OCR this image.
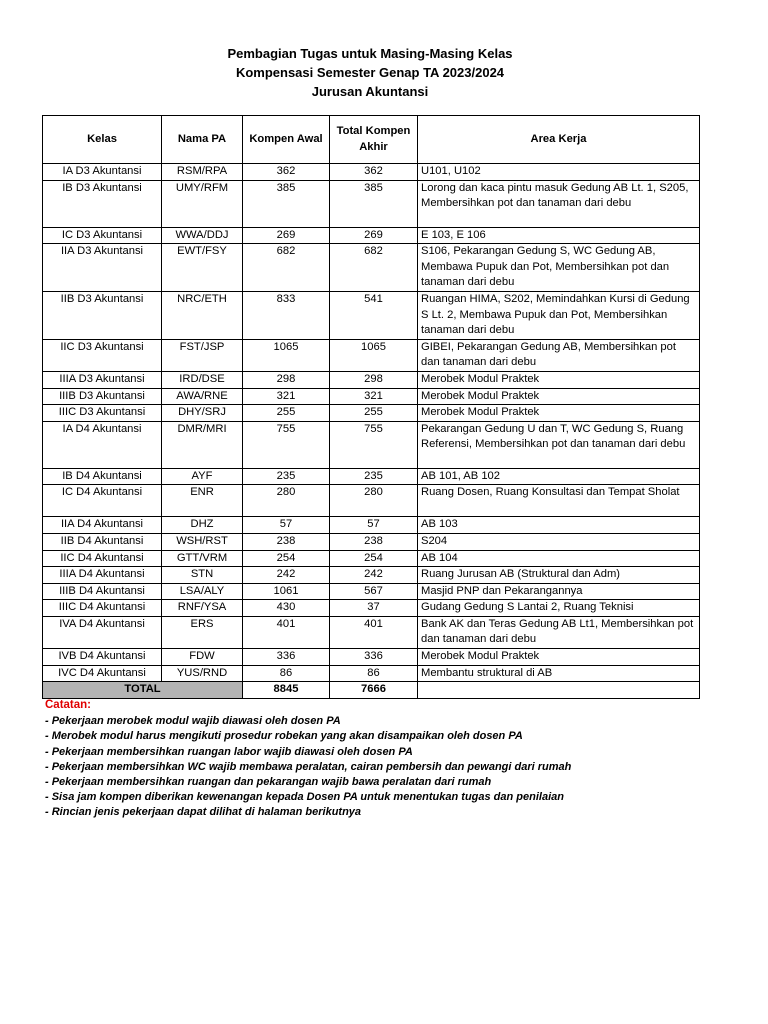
Pembagian Tugas untuk Masing-Masing Kelas
Kompensasi Semester Genap TA 2023/2024
Jurusan Akuntansi
Kelas	Nama PA	Kompen Awal	Total Kompen Akhir	Area Kerja
IA D3 Akuntansi	RSM/RPA	362	362	U101, U102
IB D3 Akuntansi	UMY/RFM	385	385	Lorong dan kaca pintu masuk Gedung AB Lt. 1, S205, Membersihkan pot dan tanaman dari debu
IC D3 Akuntansi	WWA/DDJ	269	269	E 103, E 106
IIA D3 Akuntansi	EWT/FSY	682	682	S106, Pekarangan Gedung S, WC Gedung AB, Membawa Pupuk dan Pot, Membersihkan pot dan tanaman dari debu
IIB D3 Akuntansi	NRC/ETH	833	541	Ruangan HIMA, S202, Memindahkan Kursi di Gedung S Lt. 2, Membawa Pupuk dan Pot, Membersihkan tanaman dari debu
IIC D3 Akuntansi	FST/JSP	1065	1065	GIBEI, Pekarangan Gedung AB, Membersihkan pot dan tanaman dari debu
IIIA D3 Akuntansi	IRD/DSE	298	298	Merobek Modul Praktek
IIIB D3 Akuntansi	AWA/RNE	321	321	Merobek Modul Praktek
IIIC D3 Akuntansi	DHY/SRJ	255	255	Merobek Modul Praktek
IA D4 Akuntansi	DMR/MRI	755	755	Pekarangan Gedung U dan T, WC Gedung S, Ruang Referensi, Membersihkan pot dan tanaman dari debu
IB D4 Akuntansi	AYF	235	235	AB 101, AB 102
IC D4 Akuntansi	ENR	280	280	Ruang Dosen, Ruang Konsultasi dan Tempat Sholat
IIA D4 Akuntansi	DHZ	57	57	AB 103
IIB D4 Akuntansi	WSH/RST	238	238	S204
IIC D4 Akuntansi	GTT/VRM	254	254	AB 104
IIIA D4 Akuntansi	STN	242	242	Ruang Jurusan AB (Struktural dan Adm)
IIIB D4 Akuntansi	LSA/ALY	1061	567	Masjid PNP dan Pekarangannya
IIIC D4 Akuntansi	RNF/YSA	430	37	Gudang Gedung S Lantai 2, Ruang Teknisi
IVA D4 Akuntansi	ERS	401	401	Bank AK dan Teras Gedung AB Lt1, Membersihkan pot dan tanaman dari debu
IVB D4 Akuntansi	FDW	336	336	Merobek Modul Praktek
IVC D4 Akuntansi	YUS/RND	86	86	Membantu struktural di AB
TOTAL		8845	7666	
Catatan:
- Pekerjaan merobek modul wajib diawasi oleh dosen PA
- Merobek modul harus mengikuti prosedur robekan yang akan disampaikan oleh dosen PA
- Pekerjaan membersihkan ruangan labor wajib diawasi oleh dosen PA
- Pekerjaan membersihkan WC wajib membawa peralatan, cairan pembersih dan pewangi dari rumah
- Pekerjaan membersihkan ruangan dan pekarangan wajib bawa peralatan dari rumah
- Sisa jam kompen diberikan kewenangan kepada Dosen PA untuk menentukan tugas dan penilaian
- Rincian jenis pekerjaan dapat dilihat di halaman berikutnya
